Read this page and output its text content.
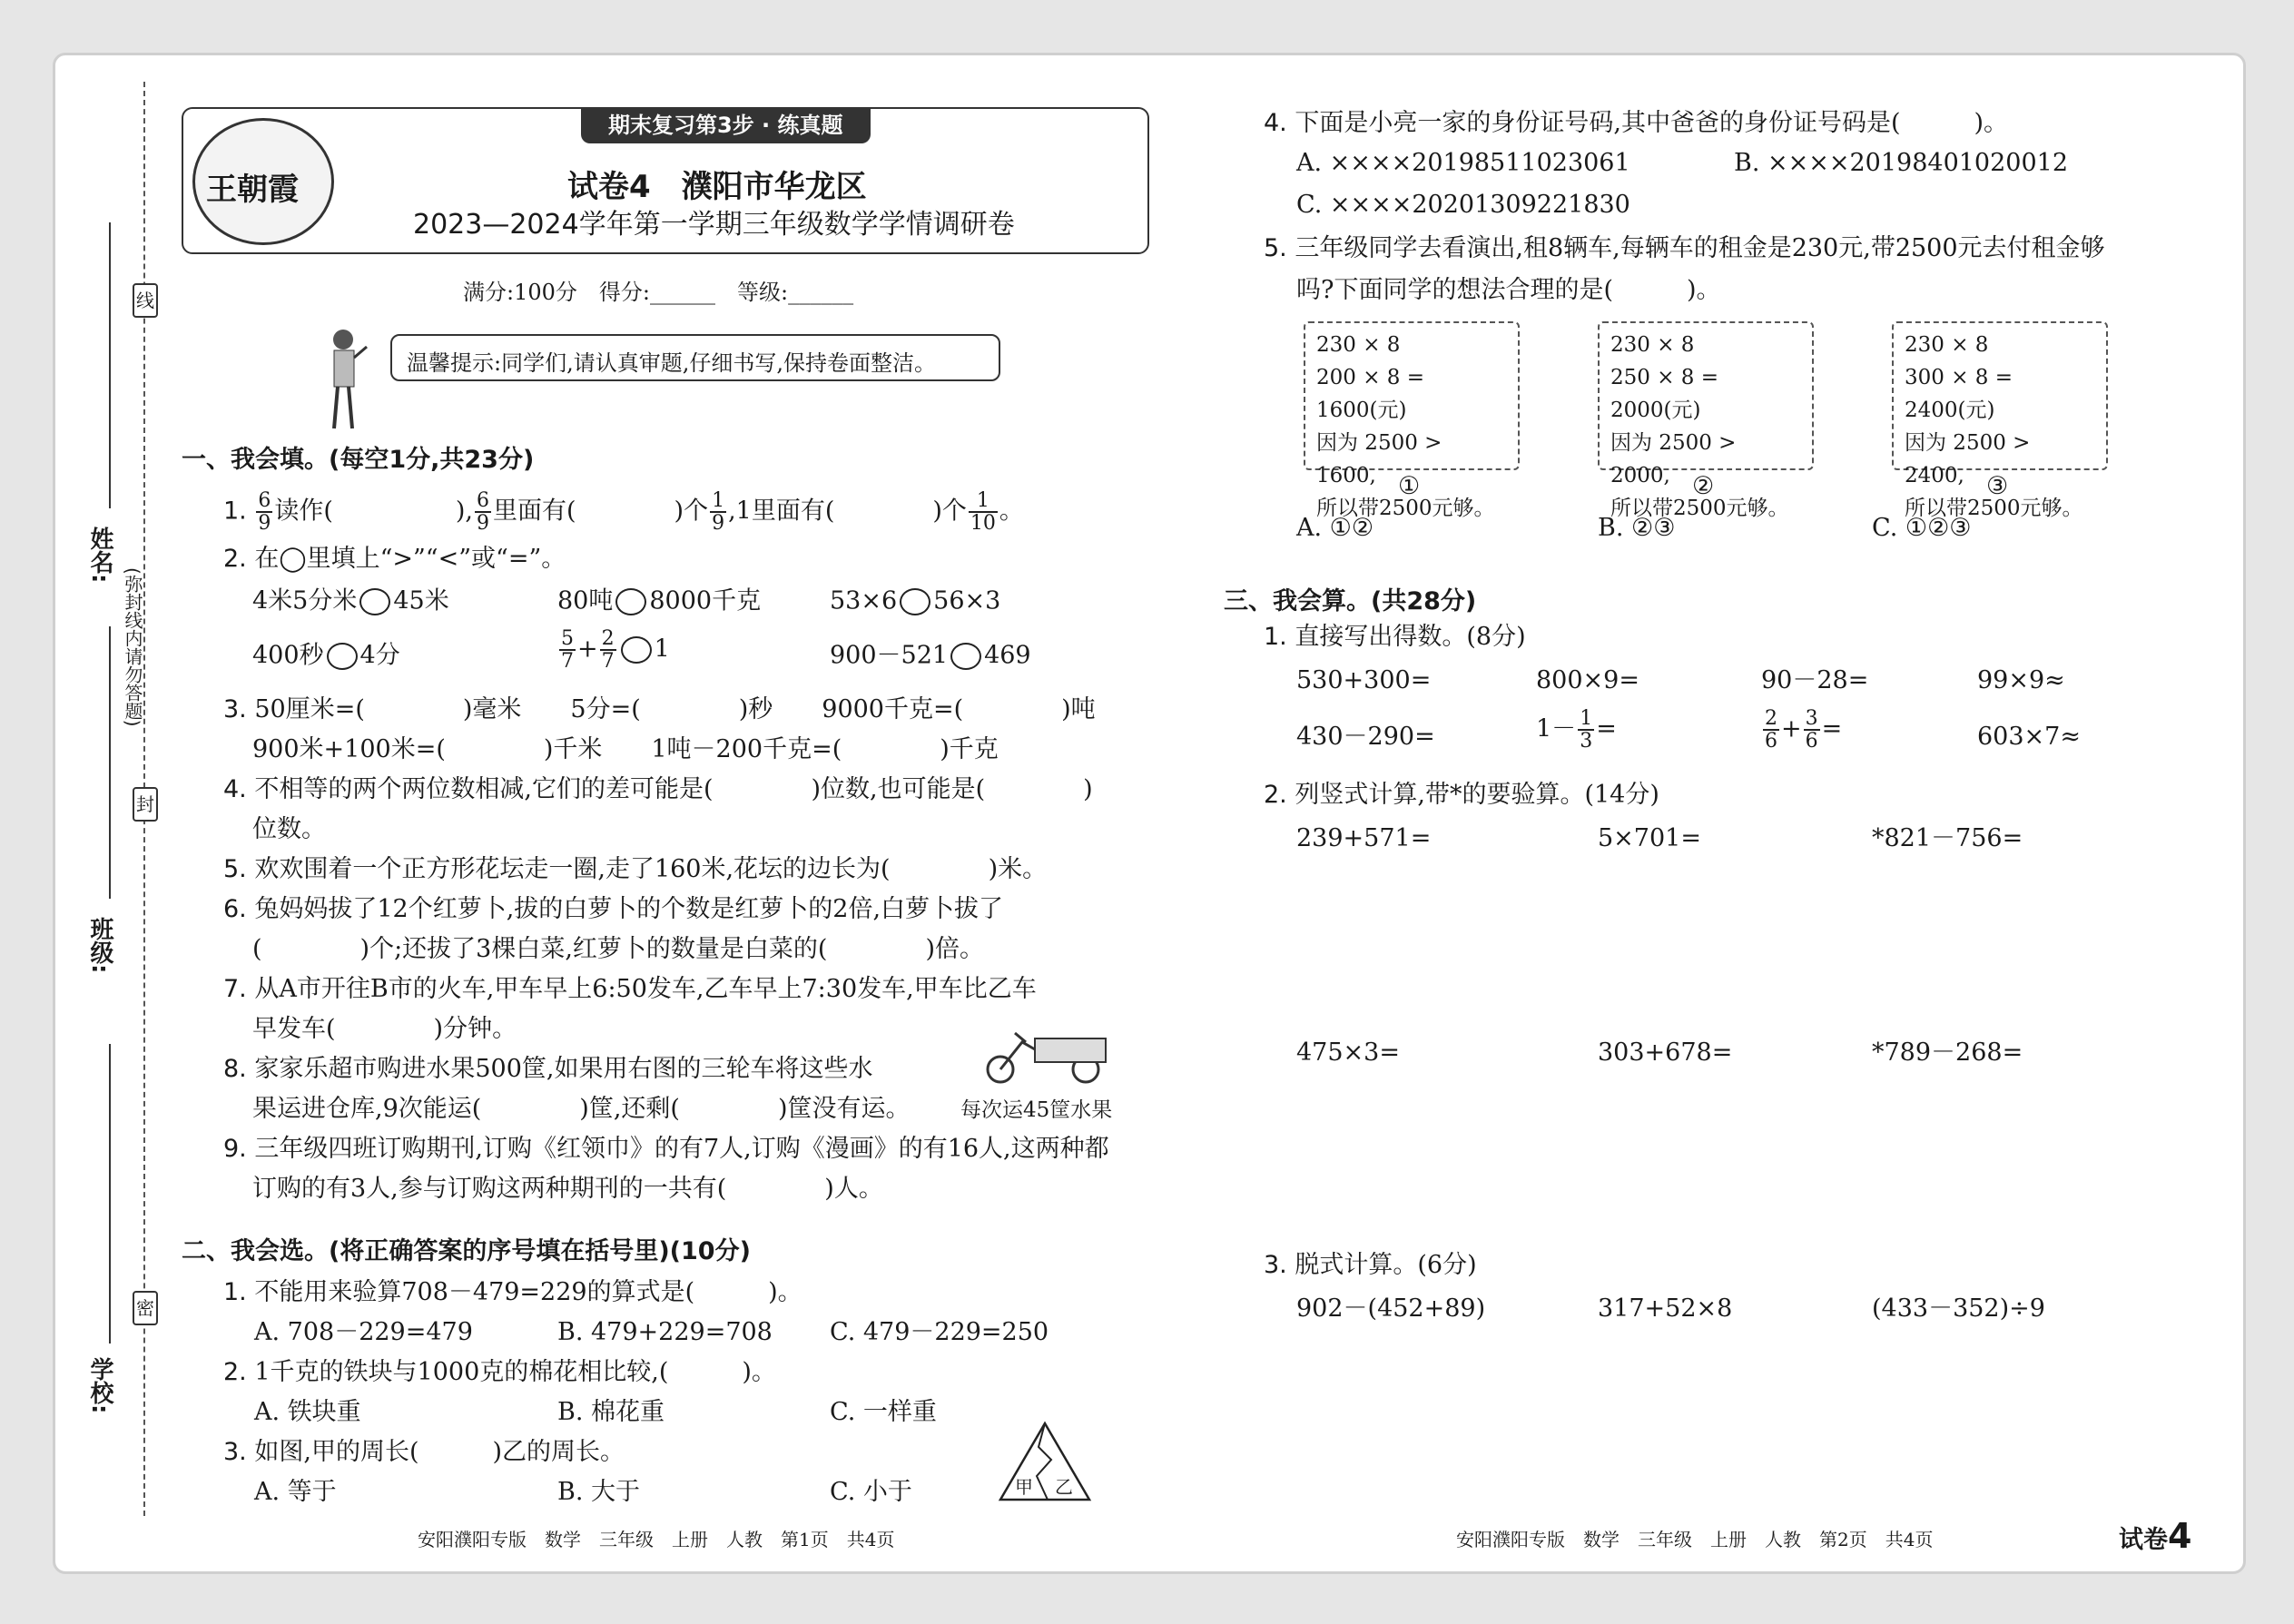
线
封
密
姓名:
班级:
学校:
(弥封线内请勿答题)
王朝霞
期末复习第3步 · 练真题
试卷4　濮阳市华龙区
2023—2024学年第一学期三年级数学学情调研卷
满分:100分　得分:______　等级:______
温馨提示:同学们,请认真审题,仔细书写,保持卷面整洁。
一、我会填。(每空1分,共23分)
1. $\frac{6}{9}$ 读作(　　　　　), $\frac{6}{9}$ 里面有(　　　　)个 $\frac{1}{9} ,1$里面有(　　　　)个 $\frac{1}{10}$ 。
2. 在◯里填上“>”“<”或“=”。
4米5分米 45米	80吨 8000千克	53×6 56×3
400秒 4分	$\frac{5}{7} + \frac{2}{7} 1$	900－521 469
3. 50厘米=(　　　　)毫米　　5分=(　　　　)秒　　9000千克=(　　　　)吨
900米+100米=(　　　　)千米　　1吨－200千克=(　　　　)千克
4. 不相等的两个两位数相减,它们的差可能是(　　　　)位数,也可能是(　　　　)
位数。
5. 欢欢围着一个正方形花坛走一圈,走了160米,花坛的边长为(　　　　)米。
6. 兔妈妈拔了12个红萝卜,拔的白萝卜的个数是红萝卜的2倍,白萝卜拔了
(　　　　)个;还拔了3棵白菜,红萝卜的数量是白菜的(　　　　)倍。
7. 从A市开往B市的火车,甲车早上6:50发车,乙车早上7:30发车,甲车比乙车
早发车(　　　　)分钟。
8. 家家乐超市购进水果500筐,如果用右图的三轮车将这些水
果运进仓库,9次能运(　　　　)筐,还剩(　　　　)筐没有运。 每次运45筐水果
9. 三年级四班订购期刊,订购《红领巾》的有7人,订购《漫画》的有16人,这两种都
订购的有3人,参与订购这两种期刊的一共有(　　　　)人。
二、我会选。(将正确答案的序号填在括号里)(10分)
1. 不能用来验算708－479=229的算式是(　　　)。
A. 708－229=479	B. 479+229=708 C. 479－229=250
2. 1千克的铁块与1000克的棉花相比较,(　　　)。
A. 铁块重	B. 棉花重	C. 一样重
3. 如图,甲的周长(　　　)乙的周长。
A. 等于	B. 大于	C. 小于	甲 乙
安阳濮阳专版　数学　三年级　上册　人教　第1页　共4页
4. 下面是小亮一家的身份证号码,其中爸爸的身份证号码是(　　　)。
A. ××××2019851102306​1	B. ××××2019840102001​2
C. ××××2020130922183​0
5. 三年级同学去看演出,租8辆车,每辆车的租金是230元,带2500元去付租金够
吗?下面同学的想法合理的是(　　　)。
230 × 8
200 × 8 = 1600(元)
因为 2500 > 1600,
所以带2500元够。
①
230 × 8
250 × 8 = 2000(元)
因为 2500 > 2000,
所以带2500元够。
②
230 × 8
300 × 8 = 2400(元)
因为 2500 > 2400,
所以带2500元够。
③
A. ①②	B. ②③	C. ①②③
三、我会算。(共28分)
1. 直接写出得数。(8分)
530+300=	800×9=	90－28=	99×9≈
430－290=	$1- \frac{1}{3}$ =	$\frac{2}{6} + \frac{3}{6}$ =	603×7≈
2. 列竖式计算,带*的要验算。(14分)
239+571=	5×701=	*821－756=
475×3=	303+678=	*789－268=
3. 脱式计算。(6分)
902－(452+89)	317+52×8	(433－352)÷9
安阳濮阳专版　数学　三年级　上册　人教　第2页　共4页	试卷4
